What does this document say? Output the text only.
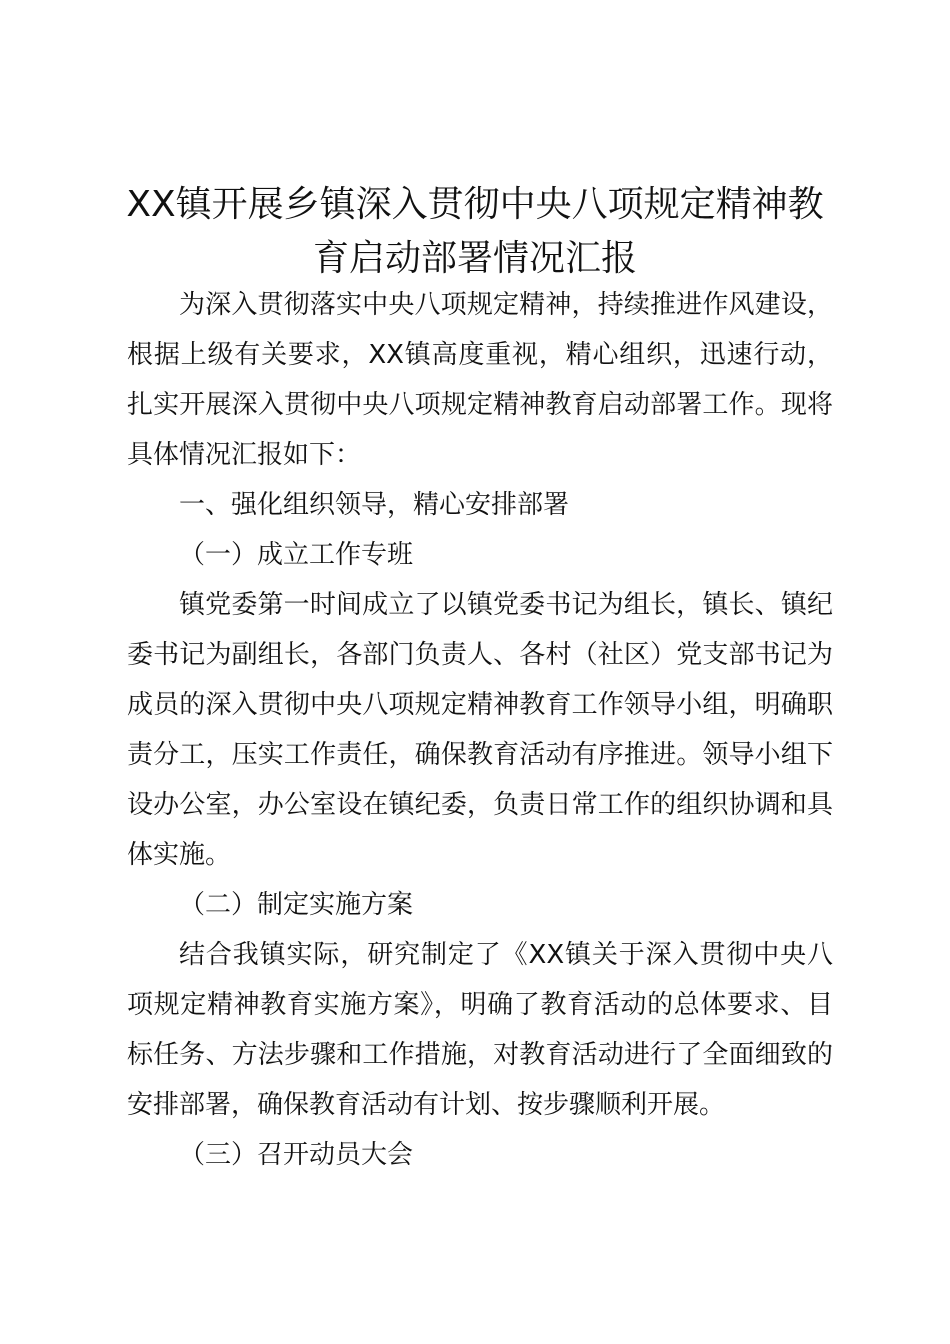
XX镇开展乡镇深入贯彻中央八项规定精神教育启动部署情况汇报

为深入贯彻落实中央八项规定精神，持续推进作风建设，根据上级有关要求，XX镇高度重视，精心组织，迅速行动，扎实开展深入贯彻中央八项规定精神教育启动部署工作。现将具体情况汇报如下：

一、强化组织领导，精心安排部署

（一）成立工作专班

镇党委第一时间成立了以镇党委书记为组长，镇长、镇纪委书记为副组长，各部门负责人、各村（社区）党支部书记为成员的深入贯彻中央八项规定精神教育工作领导小组，明确职责分工，压实工作责任，确保教育活动有序推进。领导小组下设办公室，办公室设在镇纪委，负责日常工作的组织协调和具体实施。

（二）制定实施方案

结合我镇实际，研究制定了《XX镇关于深入贯彻中央八项规定精神教育实施方案》，明确了教育活动的总体要求、目标任务、方法步骤和工作措施，对教育活动进行了全面细致的安排部署，确保教育活动有计划、按步骤顺利开展。

（三）召开动员大会
